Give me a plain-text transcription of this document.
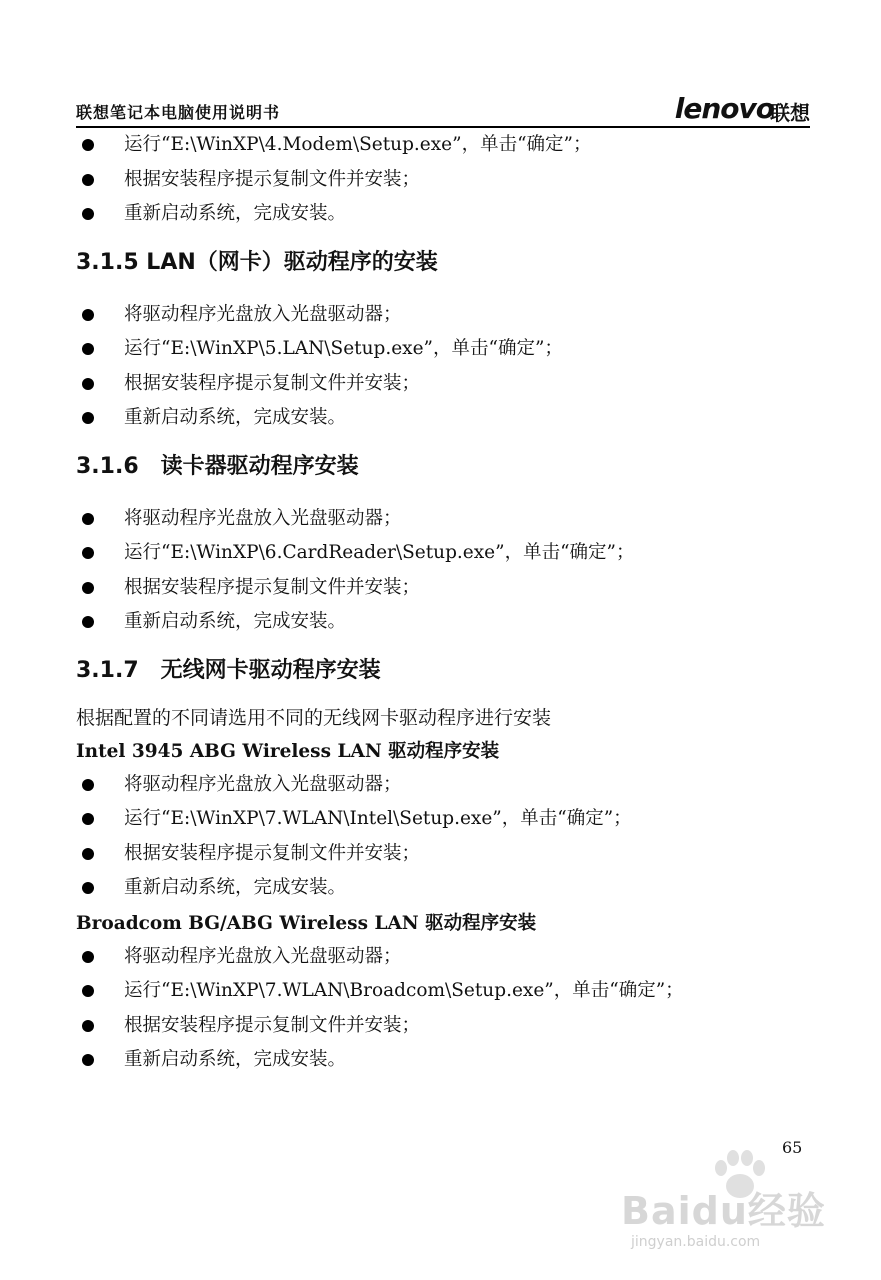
联想笔记本电脑使用说明书	lenovo
联想
运行“E:\WinXP\4.Modem\Setup.exe”，单击“确定”；
根据安装程序提示复制文件并安装；
重新启动系统，完成安装。
3.1.5 LAN（网卡）驱动程序的安装
将驱动程序光盘放入光盘驱动器；
运行“E:\WinXP\5.LAN\Setup.exe”，单击“确定”；
根据安装程序提示复制文件并安装；
重新启动系统，完成安装。
3.1.6　读卡器驱动程序安装
将驱动程序光盘放入光盘驱动器；
运行“E:\WinXP\6.CardReader\Setup.exe”，单击“确定”；
根据安装程序提示复制文件并安装；
重新启动系统，完成安装。
3.1.7　无线网卡驱动程序安装
根据配置的不同请选用不同的无线网卡驱动程序进行安装
Intel 3945 ABG Wireless LAN 驱动程序安装
将驱动程序光盘放入光盘驱动器；
运行“E:\WinXP\7.WLAN\Intel\Setup.exe”，单击“确定”；
根据安装程序提示复制文件并安装；
重新启动系统，完成安装。
Broadcom BG/ABG Wireless LAN 驱动程序安装
将驱动程序光盘放入光盘驱动器；
运行“E:\WinXP\7.WLAN\Broadcom\Setup.exe”，单击“确定”；
根据安装程序提示复制文件并安装；
重新启动系统，完成安装。
65
Baidu经验
jingyan.baidu.com
